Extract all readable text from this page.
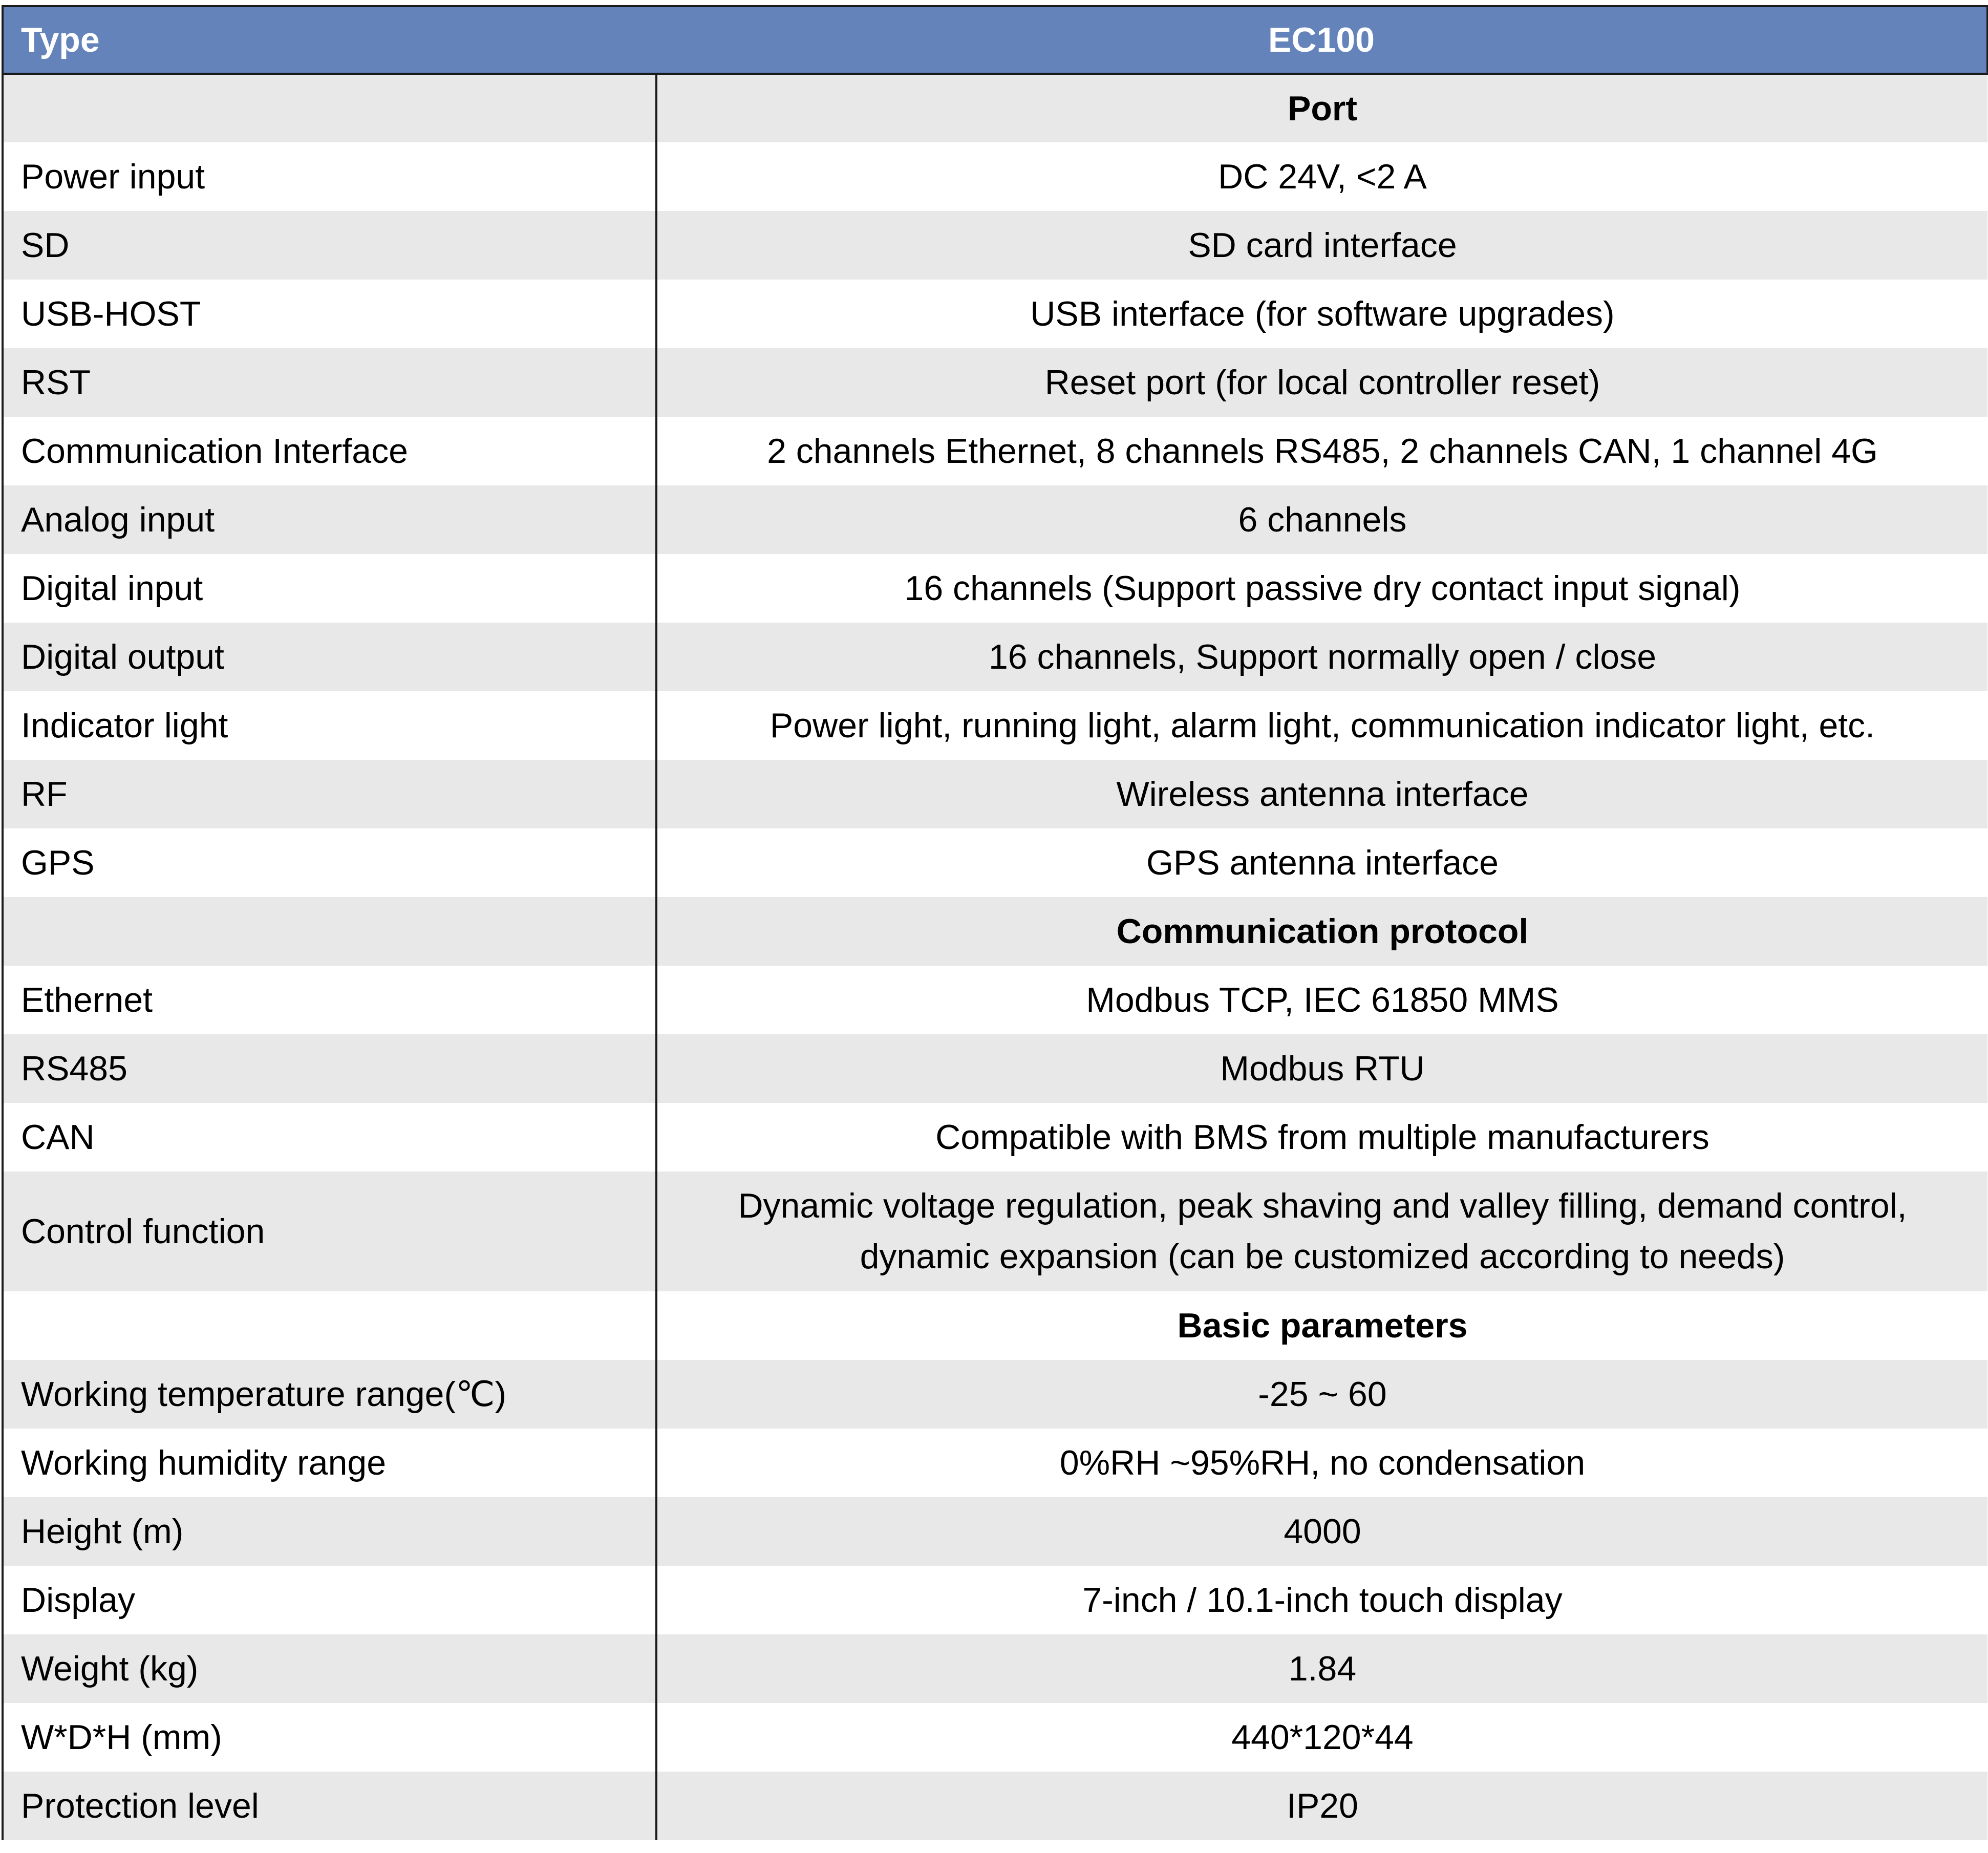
Type	EC100
	Port
Power input	DC 24V, <2 A
SD	SD card interface
USB-HOST	USB interface (for software upgrades)
RST	Reset port (for local controller reset)
Communication Interface	2 channels Ethernet, 8 channels RS485, 2 channels CAN, 1 channel 4G
Analog input	6 channels
Digital input	16 channels (Support passive dry contact input signal)
Digital output	16 channels, Support normally open / close
Indicator light	Power light, running light, alarm light, communication indicator light, etc.
RF	Wireless antenna interface
GPS	GPS antenna interface
	Communication protocol
Ethernet	Modbus TCP, IEC 61850 MMS
RS485	Modbus RTU
CAN	Compatible with BMS from multiple manufacturers
Control function	Dynamic voltage regulation, peak shaving and valley filling, demand control, dynamic expansion (can be customized according to needs)
	Basic parameters
Working temperature range(℃)	-25 ~ 60
Working humidity range	0%RH ~95%RH, no condensation
Height (m)	4000
Display	7-inch / 10.1-inch touch display
Weight (kg)	1.84
W*D*H (mm)	440*120*44
Protection level	IP20
